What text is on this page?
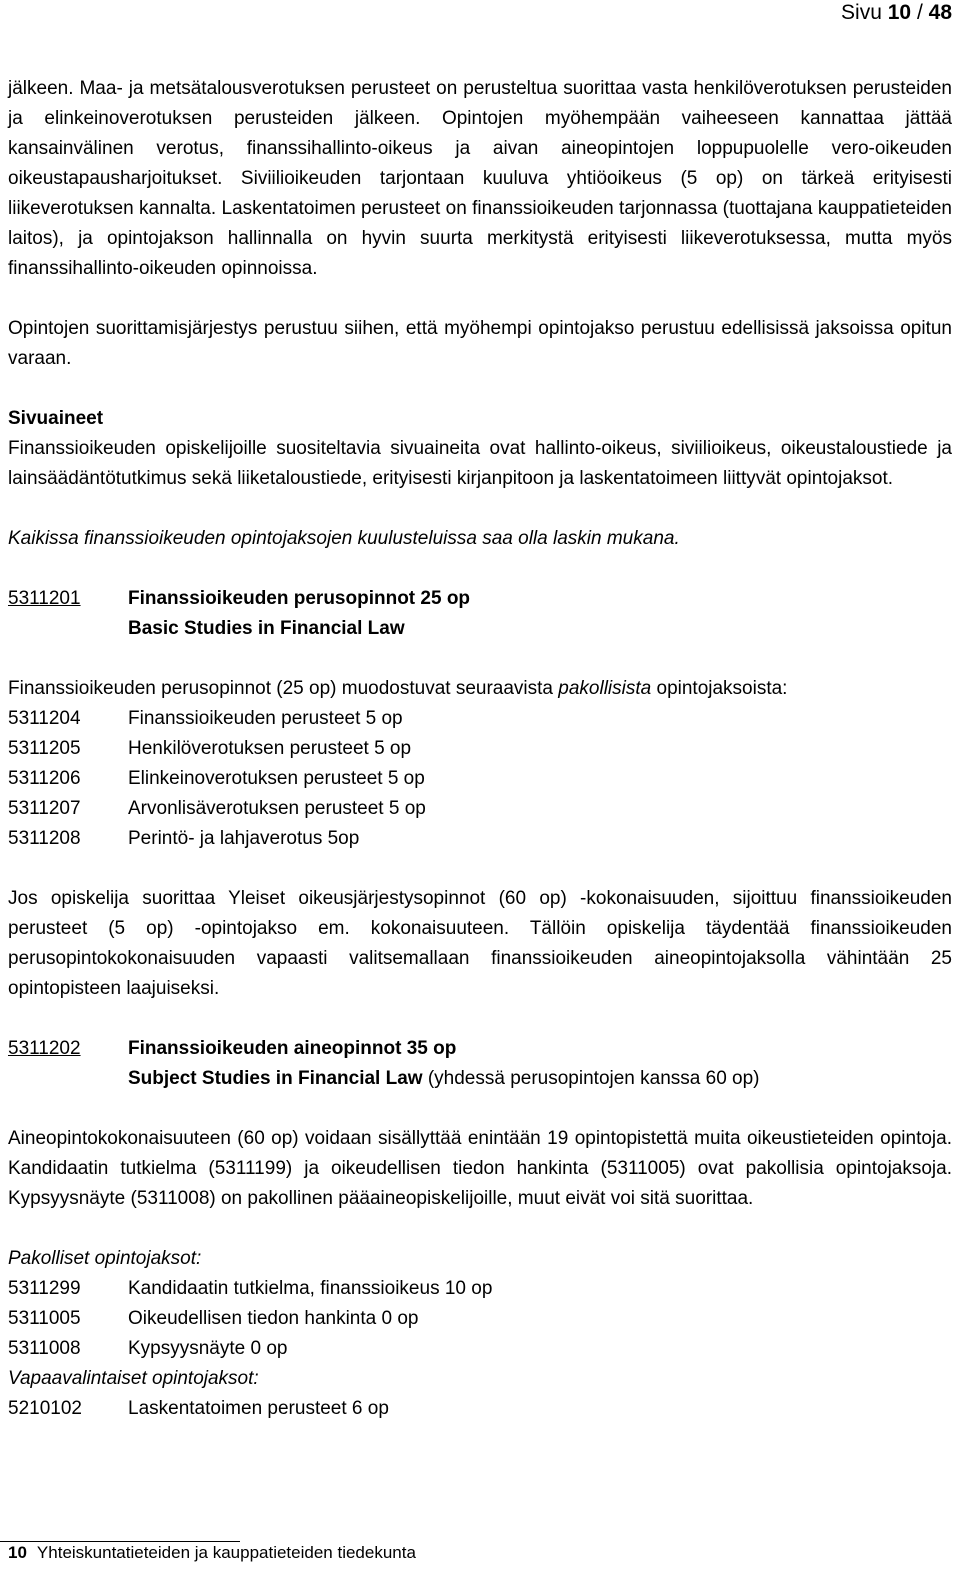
Sivu 10 / 48

jälkeen. Maa- ja metsätalousverotuksen perusteet on perusteltua suorittaa vasta henkilöverotuksen perusteiden ja elinkeinoverotuksen perusteiden jälkeen. Opintojen myöhempään vaiheeseen kannattaa jättää kansainvälinen verotus, finanssihallinto-oikeus ja aivan aineopintojen loppupuolelle vero-oikeuden oikeustapausharjoitukset. Siviilioikeuden tarjontaan kuuluva yhtiöoikeus (5 op) on tärkeä erityisesti liikeverotuksen kannalta. Laskentatoimen perusteet on finanssioikeuden tarjonnassa (tuottajana kauppatieteiden laitos), ja opintojakson hallinnalla on hyvin suurta merkitystä erityisesti liikeverotuksessa, mutta myös finanssihallinto-oikeuden opinnoissa.

Opintojen suorittamisjärjestys perustuu siihen, että myöhempi opintojakso perustuu edellisissä jaksoissa opitun varaan.

Sivuaineet

Finanssioikeuden opiskelijoille suositeltavia sivuaineita ovat hallinto-oikeus, siviilioikeus, oikeustaloustiede ja lainsäädäntötutkimus sekä liiketaloustiede, erityisesti kirjanpitoon ja laskentatoimeen liittyvät opintojaksot.

Kaikissa finanssioikeuden opintojaksojen kuulusteluissa saa olla laskin mukana.

5311201	Finanssioikeuden perusopinnot 25 op
Basic Studies in Financial Law
Finanssioikeuden perusopinnot (25 op) muodostuvat seuraavista pakollisista opintojaksoista:
5311204	Finanssioikeuden perusteet 5 op
5311205	Henkilöverotuksen perusteet 5 op
5311206	Elinkeinoverotuksen perusteet 5 op
5311207	Arvonlisäverotuksen perusteet 5 op
5311208	Perintö- ja lahjaverotus 5op

Jos opiskelija suorittaa Yleiset oikeusjärjestysopinnot (60 op) -kokonaisuuden, sijoittuu finanssioikeuden perusteet (5 op) -opintojakso em. kokonaisuuteen. Tällöin opiskelija täydentää finanssioikeuden perusopintokokonaisuuden vapaasti valitsemallaan finanssioikeuden aineopintojaksolla vähintään 25 opintopisteen laajuiseksi.

5311202	Finanssioikeuden aineopinnot 35 op
Subject Studies in Financial Law (yhdessä perusopintojen kanssa 60 op)

Aineopintokokonaisuuteen (60 op) voidaan sisällyttää enintään 19 opintopistettä muita oikeustieteiden opintoja. Kandidaatin tutkielma (5311199) ja oikeudellisen tiedon hankinta (5311005) ovat pakollisia opintojaksoja. Kypsyysnäyte (5311008) on pakollinen pääaineopiskelijoille, muut eivät voi sitä suorittaa.

Pakolliset opintojaksot:
5311299	Kandidaatin tutkielma, finanssioikeus 10 op
5311005	Oikeudellisen tiedon hankinta 0 op
5311008	Kypsyysnäyte 0 op
Vapaavalintaiset opintojaksot:
5210102	Laskentatoimen perusteet 6 op
10 Yhteiskuntatieteiden ja kauppatieteiden tiedekunta
